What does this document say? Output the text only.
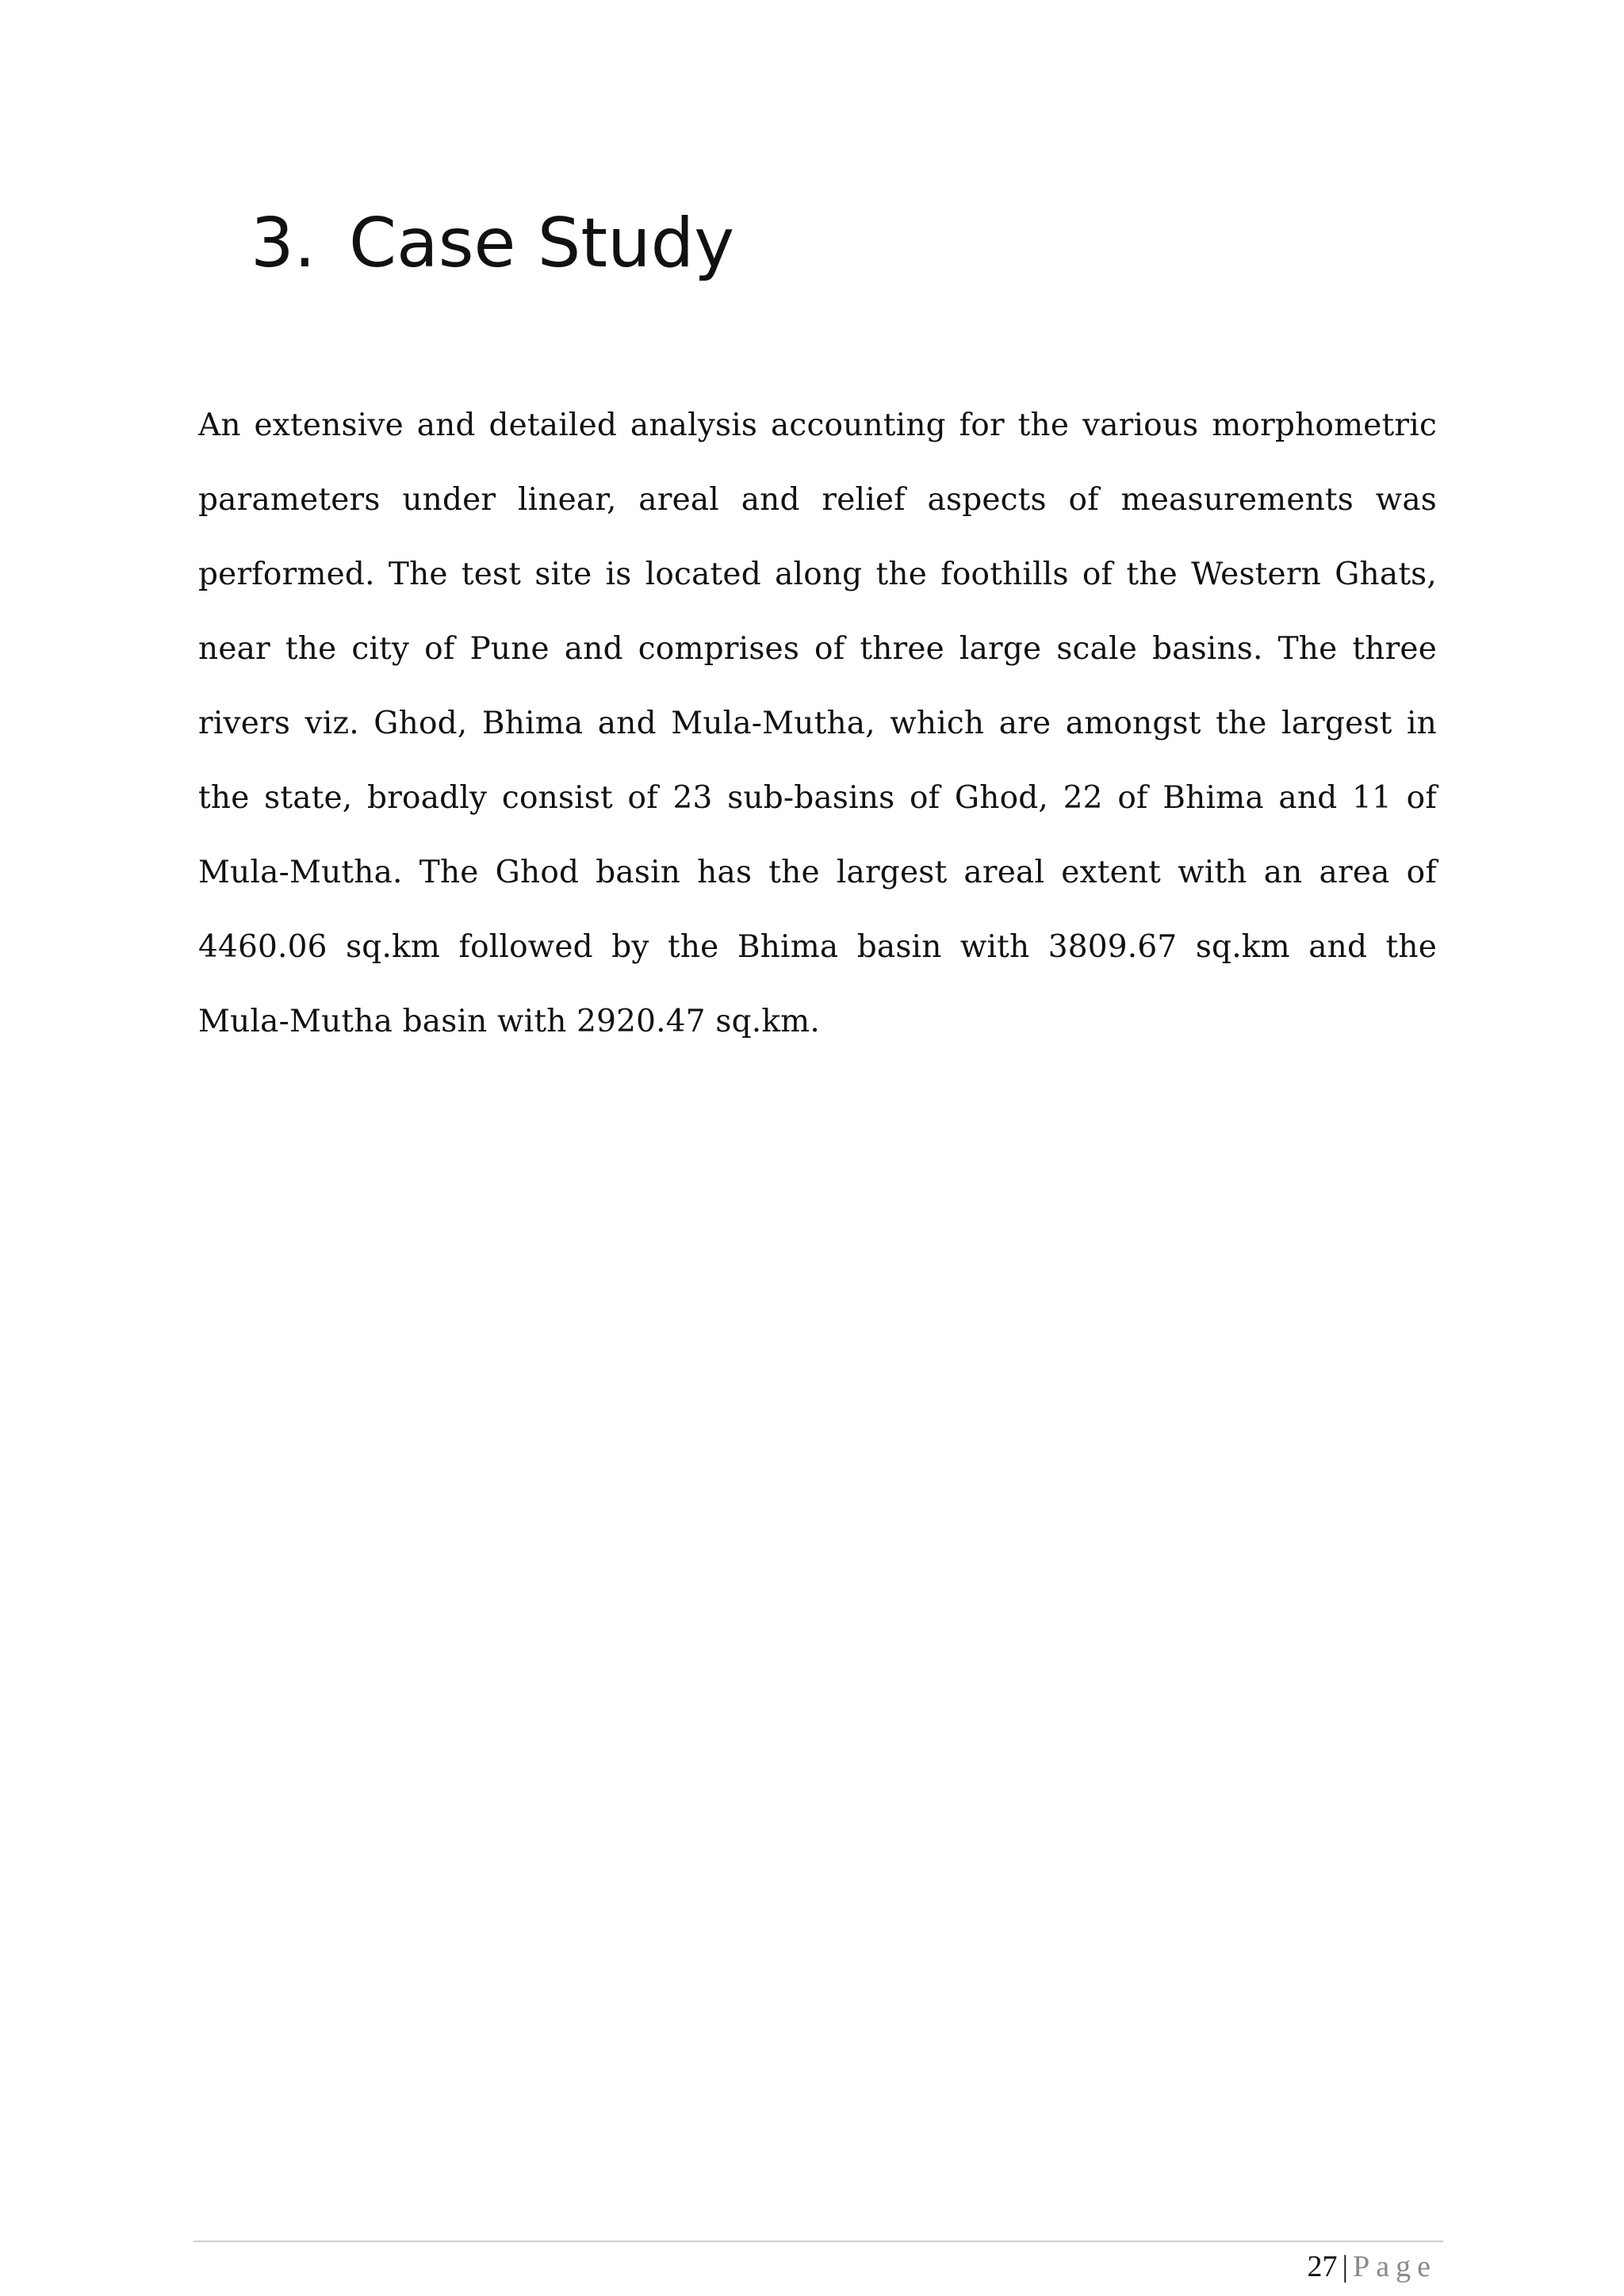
3. Case Study

An extensive and detailed analysis accounting for the various morphometric parameters under linear, areal and relief aspects of measurements was performed. The test site is located along the foothills of the Western Ghats, near the city of Pune and comprises of three large scale basins. The three rivers viz. Ghod, Bhima and Mula-Mutha, which are amongst the largest in the state, broadly consist of 23 sub-basins of Ghod, 22 of Bhima and 11 of Mula-Mutha. The Ghod basin has the largest areal extent with an area of 4460.06 sq.km followed by the Bhima basin with 3809.67 sq.km and the Mula-Mutha basin with 2920.47 sq.km.

27 | Page
